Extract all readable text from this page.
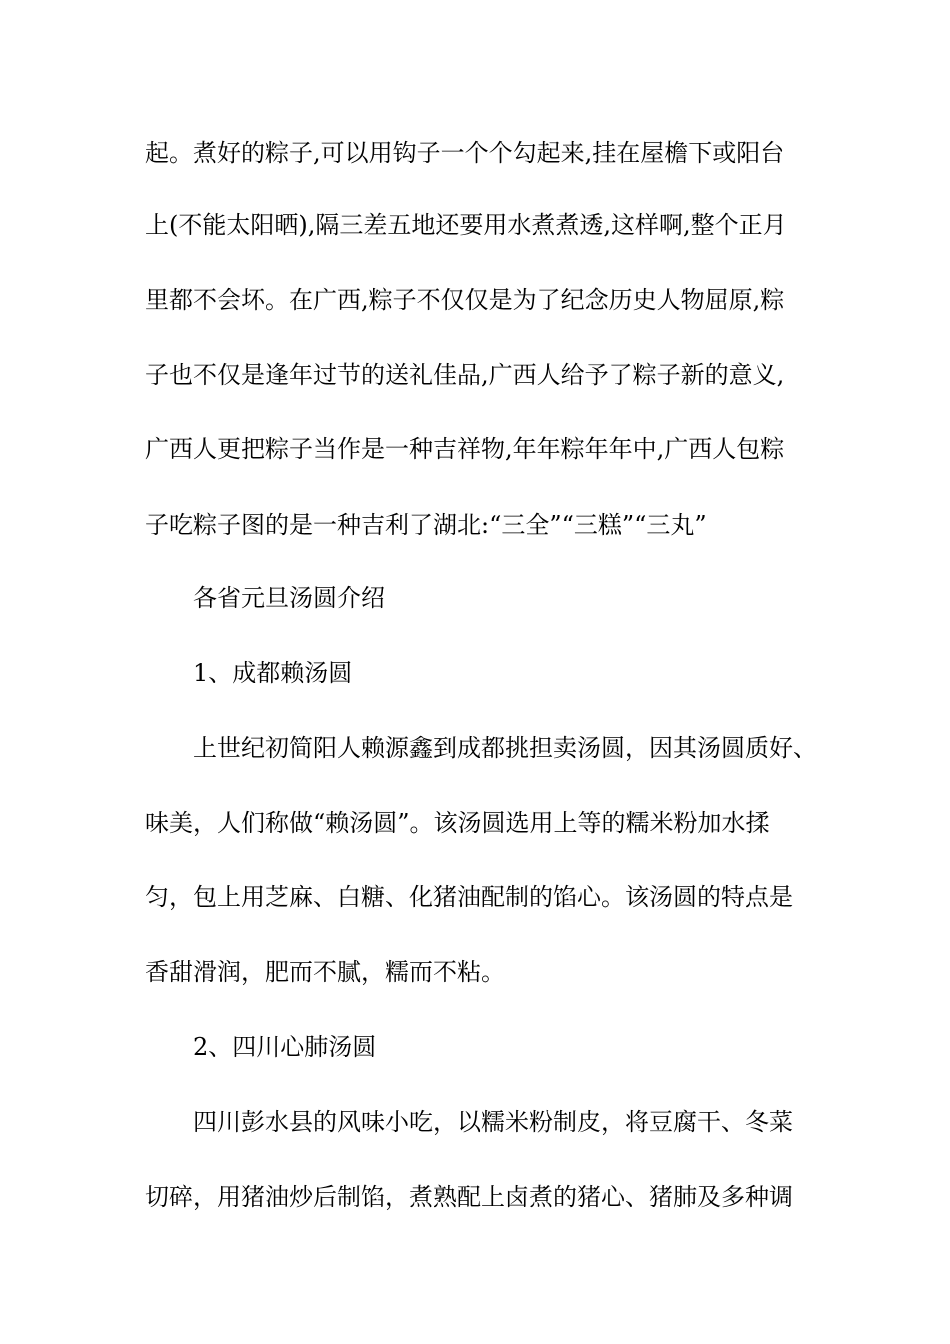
起。煮好的粽子,可以用钩子一个个勾起来,挂在屋檐下或阳台
上(不能太阳晒),隔三差五地还要用水煮煮透,这样啊,整个正月
里都不会坏。在广西,粽子不仅仅是为了纪念历史人物屈原,粽
子也不仅是逢年过节的送礼佳品,广西人给予了粽子新的意义,
广西人更把粽子当作是一种吉祥物,年年粽年年中,广西人包粽
子吃粽子图的是一种吉利了湖北:“三全”“三糕”“三丸”
各省元旦汤圆介绍
1、成都赖汤圆
上世纪初简阳人赖源鑫到成都挑担卖汤圆，因其汤圆质好、
味美，人们称做“赖汤圆”。该汤圆选用上等的糯米粉加水揉
匀，包上用芝麻、白糖、化猪油配制的馅心。该汤圆的特点是
香甜滑润，肥而不腻，糯而不粘。
2、四川心肺汤圆
四川彭水县的风味小吃，以糯米粉制皮，将豆腐干、冬菜
切碎，用猪油炒后制馅，煮熟配上卤煮的猪心、猪肺及多种调
